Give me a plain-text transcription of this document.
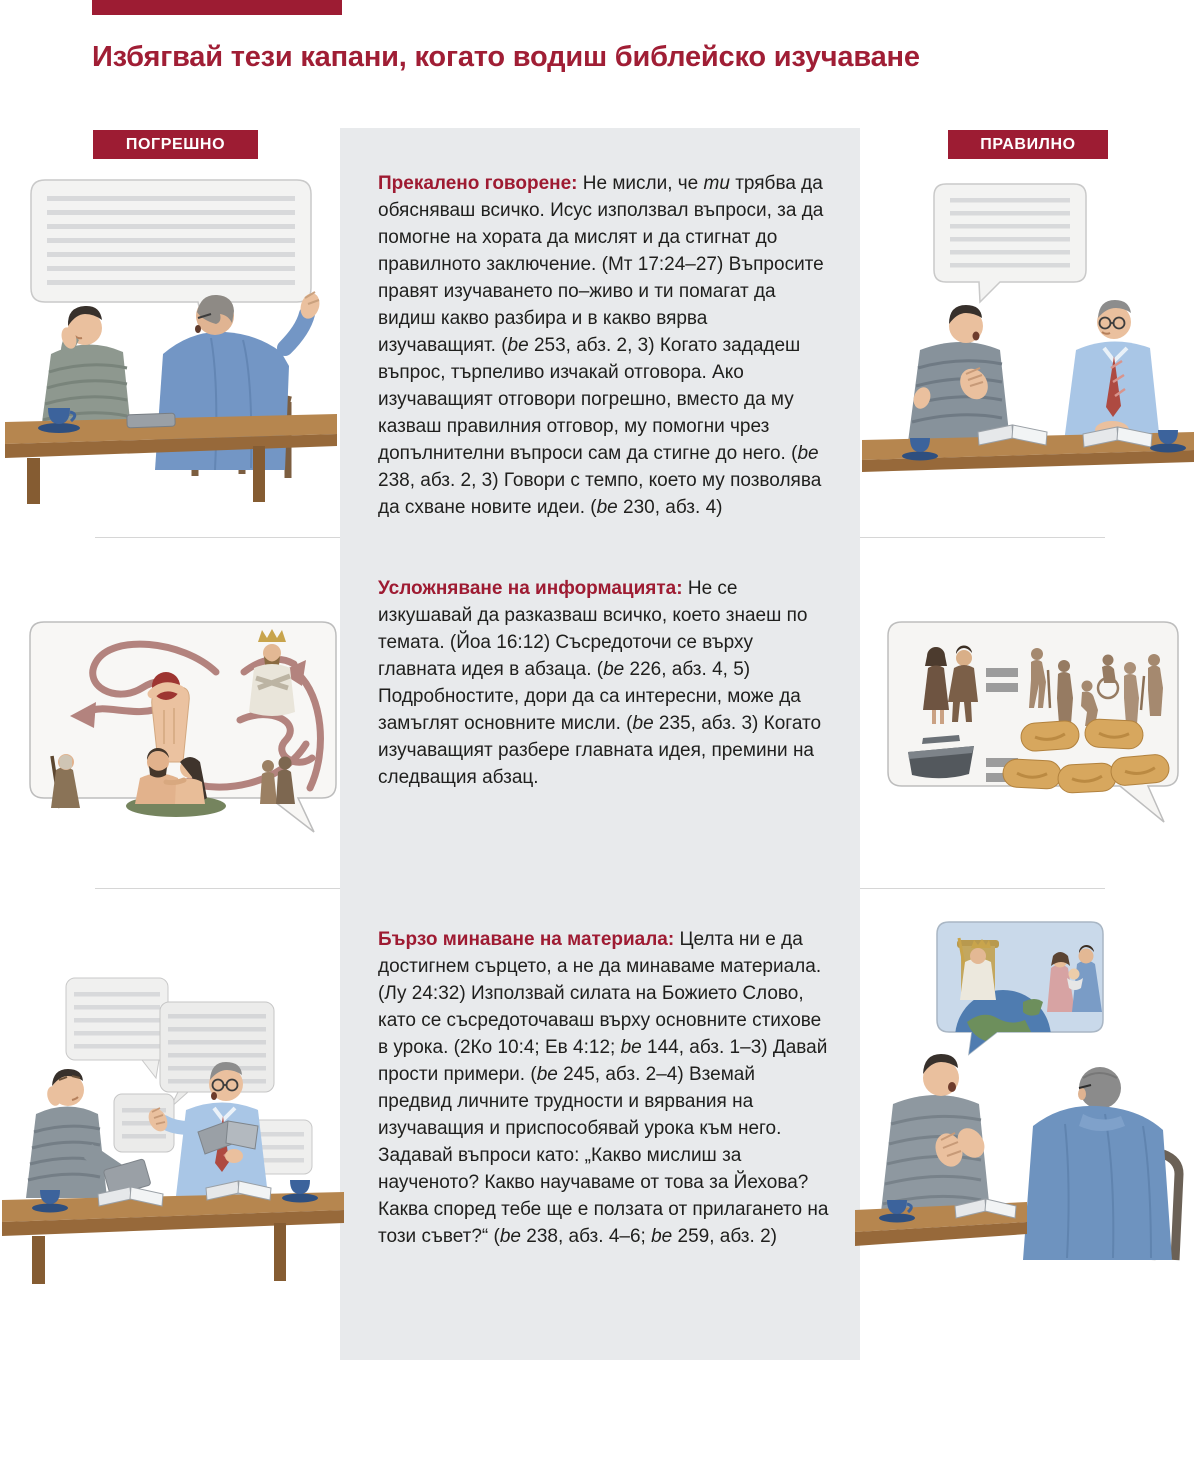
Избягвай тези капани, когато водиш библейско изучаване
ПОГРЕШНО	ПРАВИЛНО

Прекалено говорене: Не мисли, че ти трябва да обясняваш всичко. Исус използвал въпроси, за да помогне на хората да мислят и да стигнат до правилното заключение. (Мт 17:24–27) Въпросите правят изучаването по–живо и ти помагат да видиш какво разбира и в какво вярва изучаващият. (be 253, абз. 2, 3) Когато зададеш въпрос, търпеливо изчакай отговора. Ако изучаващият отговори погрешно, вместо да му казваш правилния отговор, му помогни чрез допълнителни въпроси сам да стигне до него. (be 238, абз. 2, 3) Говори с темпо, което му позволява да схване новите идеи. (be 230, абз. 4)

Усложняване на информацията: Не се изкушавай да разказваш всичко, което знаеш по темата. (Йоа 16:12) Съсредоточи се върху главната идея в абзаца. (be 226, абз. 4, 5) Подробностите, дори да са интересни, може да замъглят основните мисли. (be 235, абз. 3) Когато изучаващият разбере главната идея, премини на следващия абзац.

Бързо минаване на материала: Целта ни е да достигнем сърцето, а не да минаваме материала. (Лу 24:32) Използвай силата на Божието Слово, като се съсредоточаваш върху основните стихове в урока. (2Ко 10:4; Ев 4:12; be 144, абз. 1–3) Давай прости примери. (be 245, абз. 2–4) Вземай предвид личните трудности и вярвания на изучаващия и приспособявай урока към него. Задавай въпроси като: „Какво мислиш за наученото? Какво научаваме от това за Йехова? Каква според тебе ще е ползата от прилагането на този съвет?“ (be 238, абз. 4–6; be 259, абз. 2)
